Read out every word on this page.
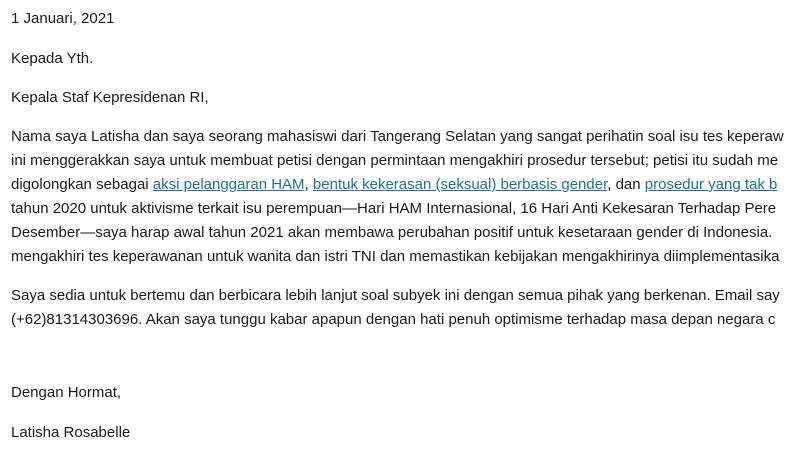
1 Januari, 2021
Kepada Yth.
Kepala Staf Kepresidenan RI,
Nama saya Latisha dan saya seorang mahasiswi dari Tangerang Selatan yang sangat perihatin soal isu tes keperaw
ini menggerakkan saya untuk membuat petisi dengan permintaan mengakhiri prosedur tersebut; petisi itu sudah me
digolongkan sebagai aksi pelanggaran HAM, bentuk kekerasan (seksual) berbasis gender, dan prosedur yang tak b
tahun 2020 untuk aktivisme terkait isu perempuan—Hari HAM Internasional, 16 Hari Anti Kekesaran Terhadap Pere
Desember—saya harap awal tahun 2021 akan membawa perubahan positif untuk kesetaraan gender di Indonesia.
mengakhiri tes keperawanan untuk wanita dan istri TNI dan memastikan kebijakan mengakhirinya diimplementasika
Saya sedia untuk bertemu dan berbicara lebih lanjut soal subyek ini dengan semua pihak yang berkenan. Email say
(+62)81314303696. Akan saya tunggu kabar apapun dengan hati penuh optimisme terhadap masa depan negara c
Dengan Hormat,
Latisha Rosabelle
